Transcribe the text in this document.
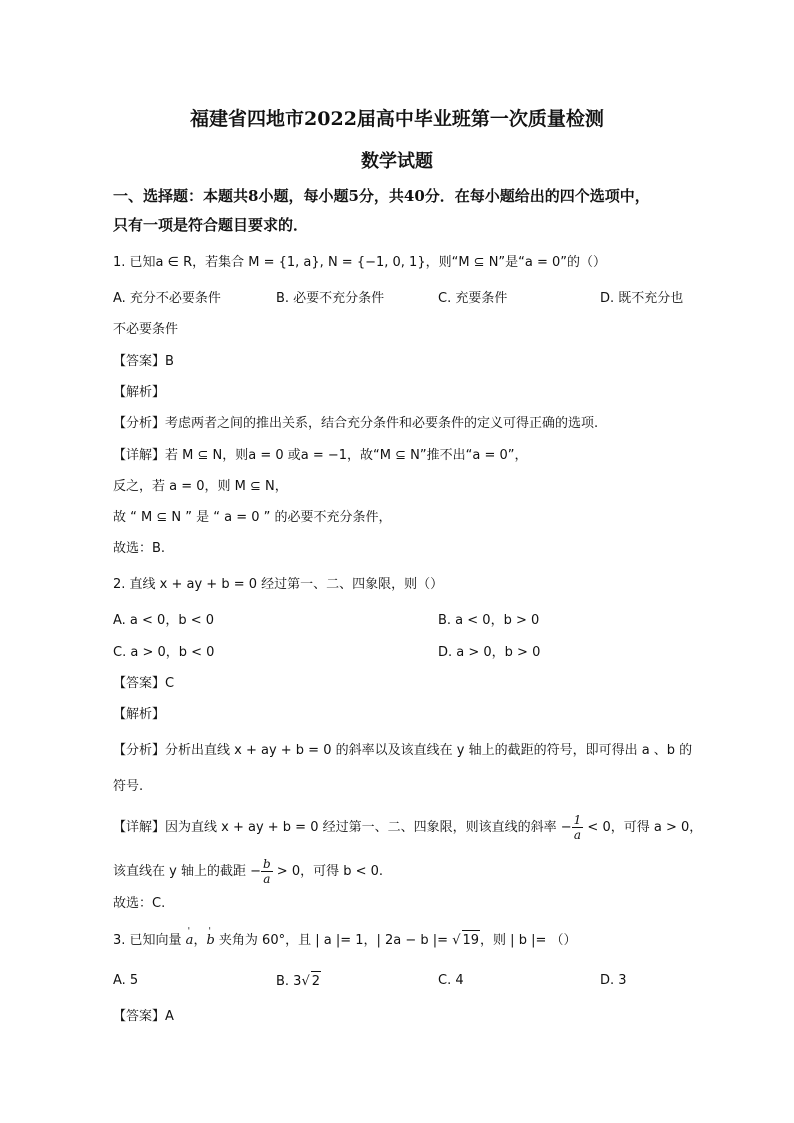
福建省四地市2022届高中毕业班第一次质量检测
数学试题
一、选择题：本题共8小题，每小题5分，共40分．在每小题给出的四个选项中，
只有一项是符合题目要求的．
1. 已知a ∈ R，若集合 M = {1, a}, N = {−1, 0, 1}，则“M ⊆ N”是“a = 0”的（）
A. 充分不必要条件	B. 必要不充分条件	C. 充要条件	D. 既不充分也
不必要条件
【答案】B
【解析】
【分析】考虑两者之间的推出关系，结合充分条件和必要条件的定义可得正确的选项.
【详解】若 M ⊆ N，则a = 0 或a = −1，故“M ⊆ N”推不出“a = 0”，
反之，若 a = 0，则 M ⊆ N，
故 “ M ⊆ N ” 是 “ a = 0 ” 的必要不充分条件，
故选：B.
2. 直线 x + ay + b = 0 经过第一、二、四象限，则（）
A. a < 0，b < 0	B. a < 0，b > 0
C. a > 0，b < 0	D. a > 0，b > 0
【答案】C
【解析】
【分析】分析出直线 x + ay + b = 0 的斜率以及该直线在 y 轴上的截距的符号，即可得出 a 、b 的
符号.
【详解】因为直线 x + ay + b = 0 经过第一、二、四象限，则该直线的斜率 − $\frac{1}{a} < 0$，可得 a > 0，
该直线在 y 轴上的截距 − $\frac{b}{a} > 0$，可得 b < 0.
故选：C.
3. 已知向量 ' a，' b 夹角为 60°，且 | a |= 1，| 2a − b |= √ 19，则 | b |= （）
A. 5	B. 3√ 2	C. 4	D. 3
【答案】A
